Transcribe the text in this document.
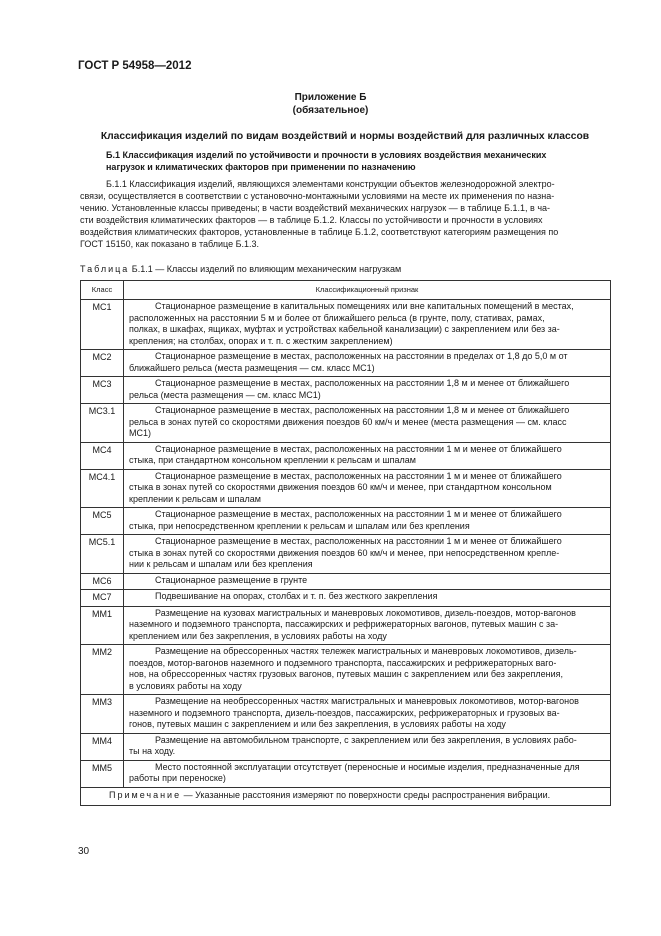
ГОСТ Р 54958—2012
Приложение Б
(обязательное)
Классификация изделий по видам воздействий и нормы воздействий для различных классов
Б.1 Классификация изделий по устойчивости и прочности в условиях воздействия механических
нагрузок и климатических факторов при применении по назначению
Б.1.1 Классификация изделий, являющихся элементами конструкции объектов железнодорожной электро-
связи, осуществляется в соответствии с установочно-монтажными условиями на месте их применения по назна-
чению. Установленные классы приведены; в части воздействий механических нагрузок — в таблице Б.1.1, в ча-
сти воздействия климатических факторов — в таблице Б.1.2. Классы по устойчивости и прочности в условиях
воздействия климатических факторов, установленные в таблице Б.1.2, соответствуют категориям размещения по
ГОСТ 15150, как показано в таблице Б.1.3.
Таблица Б.1.1 — Классы изделий по влияющим механическим нагрузкам
Класс	Классификационный признак
МС1	Стационарное размещение в капитальных помещениях или вне капитальных помещений в местах,
расположенных на расстоянии 5 м и более от ближайшего рельса (в грунте, полу, стативах, рамах,
полках, в шкафах, ящиках, муфтах и устройствах кабельной канализации) с закреплением или без за-
крепления; на столбах, опорах и т. п. с жестким закреплением)

МС2	Стационарное размещение в местах, расположенных на расстоянии в пределах от 1,8 до 5,0 м от
ближайшего рельса (места размещения — см. класс МС1)

МС3	Стационарное размещение в местах, расположенных на расстоянии 1,8 м и менее от ближайшего
рельса (места размещения — см. класс МС1)

МС3.1	Стационарное размещение в местах, расположенных на расстоянии 1,8 м и менее от ближайшего
рельса в зонах путей со скоростями движения поездов 60 км/ч и менее (места размещения — см. класс
МС1)

МС4	Стационарное размещение в местах, расположенных на расстоянии 1 м и менее от ближайшего
стыка, при стандартном консольном креплении к рельсам и шпалам

МС4.1	Стационарное размещение в местах, расположенных на расстоянии 1 м и менее от ближайшего
стыка в зонах путей со скоростями движения поездов 60 км/ч и менее, при стандартном консольном
креплении к рельсам и шпалам

МС5	Стационарное размещение в местах, расположенных на расстоянии 1 м и менее от ближайшего
стыка, при непосредственном креплении к рельсам и шпалам или без крепления

МС5.1	Стационарное размещение в местах, расположенных на расстоянии 1 м и менее от ближайшего
стыка в зонах путей со скоростями движения поездов 60 км/ч и менее, при непосредственном крепле-
нии к рельсам и шпалам или без крепления

МС6	Стационарное размещение в грунте

МС7	Подвешивание на опорах, столбах и т. п. без жесткого закрепления

ММ1	Размещение на кузовах магистральных и маневровых локомотивов, дизель-поездов, мотор-вагонов
наземного и подземного транспорта, пассажирских и рефрижераторных вагонов, путевых машин с за-
креплением или без закрепления, в условиях работы на ходу

ММ2	Размещение на обрессоренных частях тележек магистральных и маневровых локомотивов, дизель-
поездов, мотор-вагонов наземного и подземного транспорта, пассажирских и рефрижераторных ваго-
нов, на обрессоренных частях грузовых вагонов, путевых машин с закреплением или без закрепления,
в условиях работы на ходу

ММ3	Размещение на необрессоренных частях магистральных и маневровых локомотивов, мотор-вагонов
наземного и подземного транспорта, дизель-поездов, пассажирских, рефрижераторных и грузовых ва-
гонов, путевых машин с закреплением и или без закрепления, в условиях работы на ходу

ММ4	Размещение на автомобильном транспорте, с закреплением или без закрепления, в условиях рабо-
ты на ходу.

ММ5	Место постоянной эксплуатации отсутствует (переносные и носимые изделия, предназначенные для
работы при переноске)

Примечание — Указанные расстояния измеряют по поверхности среды распространения вибрации.	
30
